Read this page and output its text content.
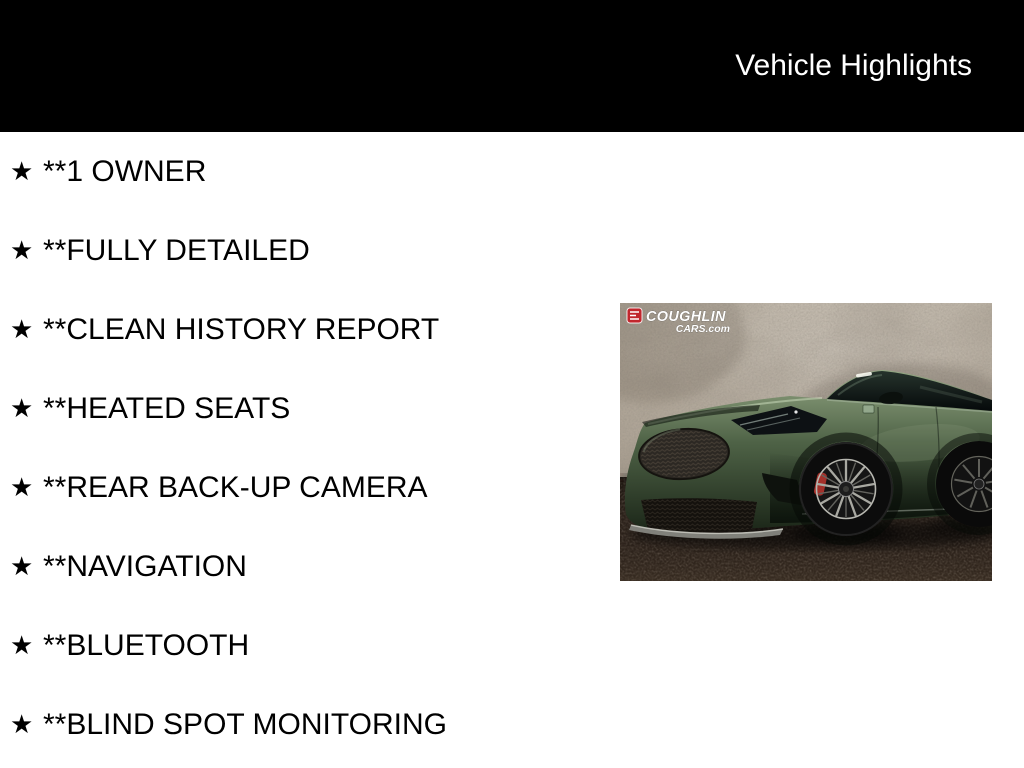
Vehicle Highlights
★ **1 OWNER
★ **FULLY DETAILED
★ **CLEAN HISTORY REPORT
★ **HEATED SEATS
★ **REAR BACK-UP CAMERA
★ **NAVIGATION
★ **BLUETOOTH
★ **BLIND SPOT MONITORING
COUGHLIN
CARS.com
